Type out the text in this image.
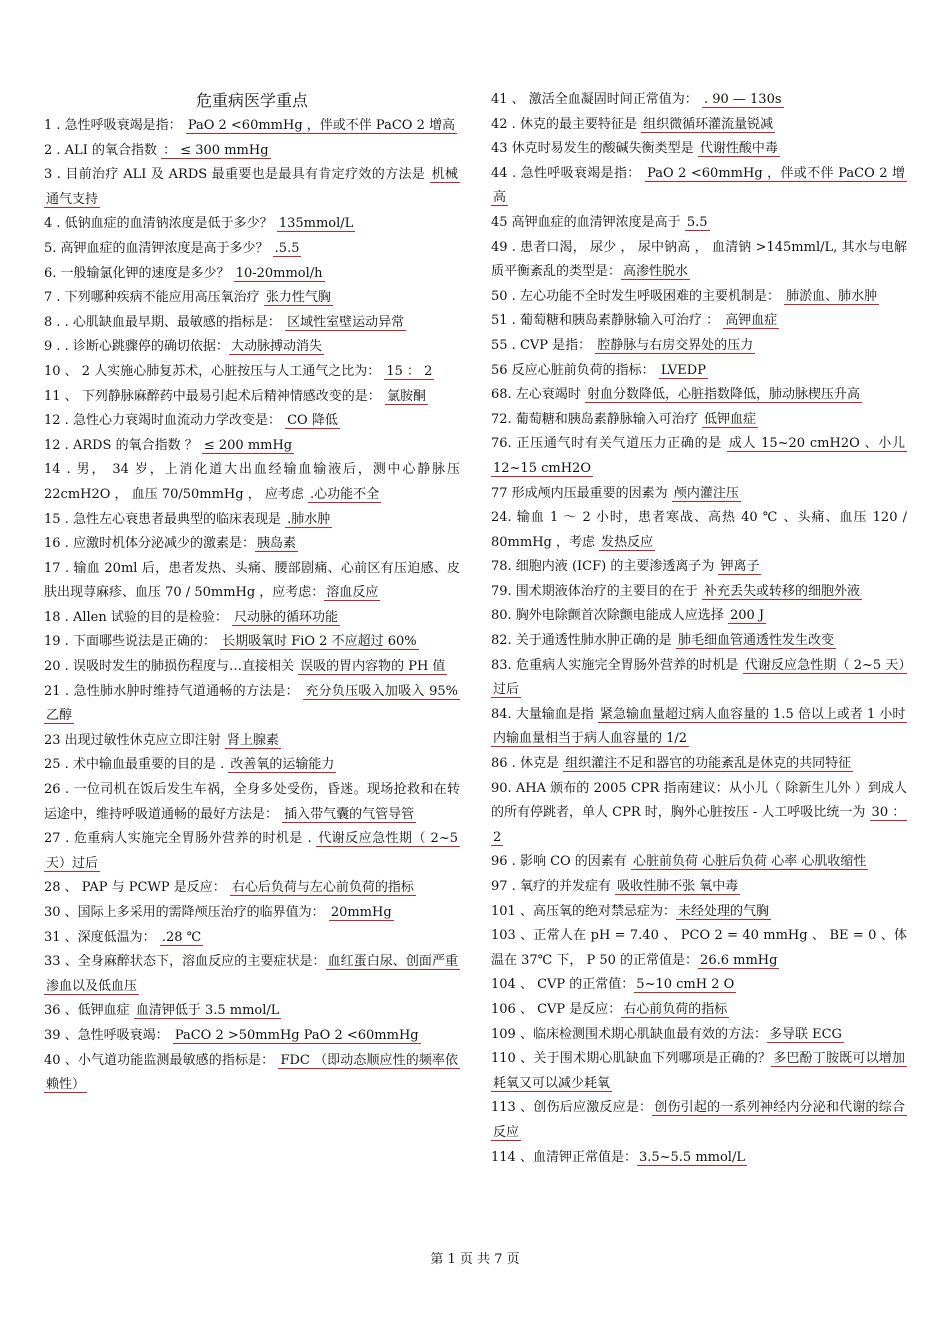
危重病医学重点

1 . 急性呼吸衰竭是指： PaO 2 <60mmHg ，伴或不伴 PaCO 2 增高

2 . ALI 的氧合指数 ： ≤ 300 mmHg

3 . 目前治疗 ALI 及 ARDS 最重要也是最具有肯定疗效的方法是 机械通气支持

4 . 低钠血症的血清钠浓度是低于多少？ 135mmol/L

5. 高钾血症的血清钾浓度是高于多少？ .5.5

6. 一般输氯化钾的速度是多少？ 10-20mmol/h

7 . 下列哪种疾病不能应用高压氧治疗 张力性气胸

8 . . 心肌缺血最早期、最敏感的指标是： 区域性室壁运动异常

9 . . 诊断心跳骤停的确切依据： 大动脉搏动消失

10 、 2 人实施心肺复苏术，心脏按压与人工通气之比为： 15 ： 2

11 、 下列静脉麻醉药中最易引起术后精神情感改变的是： 氯胺酮

12 . 急性心力衰竭时血流动力学改变是： CO 降低

12 . ARDS 的氧合指数 ？ ≤ 200 mmHg

14 . 男， 34 岁，上消化道大出血经输血输液后，测中心静脉压 22cmH2O ， 血压 70/50mmHg ， 应考虑 .心功能不全

15 . 急性左心衰患者最典型的临床表现是 .肺水肿

16 . 应激时机体分泌减少的激素是： 胰岛素

17 . 输血 20ml 后，患者发热、头痛、腰部剧痛、心前区有压迫感、皮肤出现荨麻疹、血压 70 / 50mmHg ，应考虑： 溶血反应

18 . Allen 试验的目的是检验： 尺动脉的循环功能

19 . 下面哪些说法是正确的： 长期吸氧时 FiO 2 不应超过 60%

20 . 误吸时发生的肺损伤程度与…直接相关 误吸的胃内容物的 PH 值

21 . 急性肺水肿时维持气道通畅的方法是： 充分负压吸入加吸入 95% 乙醇

23 出现过敏性休克应立即注射 肾上腺素

25 . 术中输血最重要的目的是 . 改善氧的运输能力

26 . 一位司机在饭后发生车祸，全身多处受伤，昏迷。现场抢救和在转运途中，维持呼吸道通畅的最好方法是： 插入带气囊的气管导管

27 . 危重病人实施完全胃肠外营养的时机是 . 代谢反应急性期（ 2~5 天）过后

28 、 PAP 与 PCWP 是反应： 右心后负荷与左心前负荷的指标

30 、国际上多采用的需降颅压治疗的临界值为： 20mmHg

31 、深度低温为： .28 ℃

33 、全身麻醉状态下，溶血反应的主要症状是： 血红蛋白尿、创面严重渗血以及低血压

36 、低钾血症 血清钾低于 3.5 mmol/L

39 、急性呼吸衰竭： PaCO 2 >50mmHg PaO 2 <60mmHg

40 、小气道功能监测最敏感的指标是： FDC （即动态顺应性的频率依赖性）

41 、 激活全血凝固时间正常值为： . 90 — 130s

42 . 休克的最主要特征是 组织微循环灌流量锐减

43 休克时易发生的酸碱失衡类型是 代谢性酸中毒

44 . 急性呼吸衰竭是指： PaO 2 <60mmHg ，伴或不伴 PaCO 2 增高

45 高钾血症的血清钾浓度是高于 5.5

49 . 患者口渴， 尿少 ， 尿中钠高 ， 血清钠 >145mml/L, 其水与电解质平衡紊乱的类型是： 高渗性脱水

50 . 左心功能不全时发生呼吸困难的主要机制是： 肺淤血、肺水肿

51 . 葡萄糖和胰岛素静脉输入可治疗 ： 高钾血症

55 . CVP 是指： 腔静脉与右房交界处的压力

56 反应心脏前负荷的指标： LVEDP

68. 左心衰竭时 射血分数降低，心脏指数降低，肺动脉楔压升高

72. 葡萄糖和胰岛素静脉输入可治疗 低钾血症

76. 正压通气时有关气道压力正确的是 成人 15~20 cmH2O 、小儿 12~15 cmH2O

77 形成颅内压最重要的因素为 颅内灌注压

24. 输血 1 ～ 2 小时，患者寒战、高热 40 ℃ 、头痛、血压 120 / 80mmHg ，考虑 发热反应

78. 细胞内液 (ICF) 的主要渗透离子为 钾离子

79. 围术期液体治疗的主要目的在于 补充丢失或转移的细胞外液

80. 胸外电除颤首次除颤电能成人应选择 200 J

82. 关于通透性肺水肿正确的是 肺毛细血管通透性发生改变

83. 危重病人实施完全胃肠外营养的时机是 代谢反应急性期（ 2~5 天）过后

84. 大量输血是指 紧急输血量超过病人血容量的 1.5 倍以上或者 1 小时内输血量相当于病人血容量的 1/2

86 . 休克是 组织灌注不足和器官的功能紊乱是休克的共同特征

90. AHA 颁布的 2005 CPR 指南建议：从小儿（ 除新生儿外 ）到成人的所有停跳者，单人 CPR 时，胸外心脏按压 - 人工呼吸比统一为 30 ： 2

96 . 影响 CO 的因素有 心脏前负荷 心脏后负荷 心率 心肌收缩性

97 . 氧疗的并发症有 吸收性肺不张 氧中毒

101 、高压氧的绝对禁忌症为： 未经处理的气胸

103 、正常人在 pH = 7.40 、 PCO 2 = 40 mmHg 、 BE = 0 、体温在 37℃ 下， P 50 的正常值是： 26.6 mmHg

104 、 CVP 的正常值： 5~10 cmH 2 O

106 、 CVP 是反应： 右心前负荷的指标

109 、临床检测围术期心肌缺血最有效的方法： 多导联 ECG

110 、关于围术期心肌缺血下列哪项是正确的？ 多巴酚丁胺既可以增加耗氧又可以减少耗氧

113 、创伤后应激反应是： 创伤引起的一系列神经内分泌和代谢的综合反应

114 、血清钾正常值是： 3.5~5.5 mmol/L

第 1 页 共 7 页
